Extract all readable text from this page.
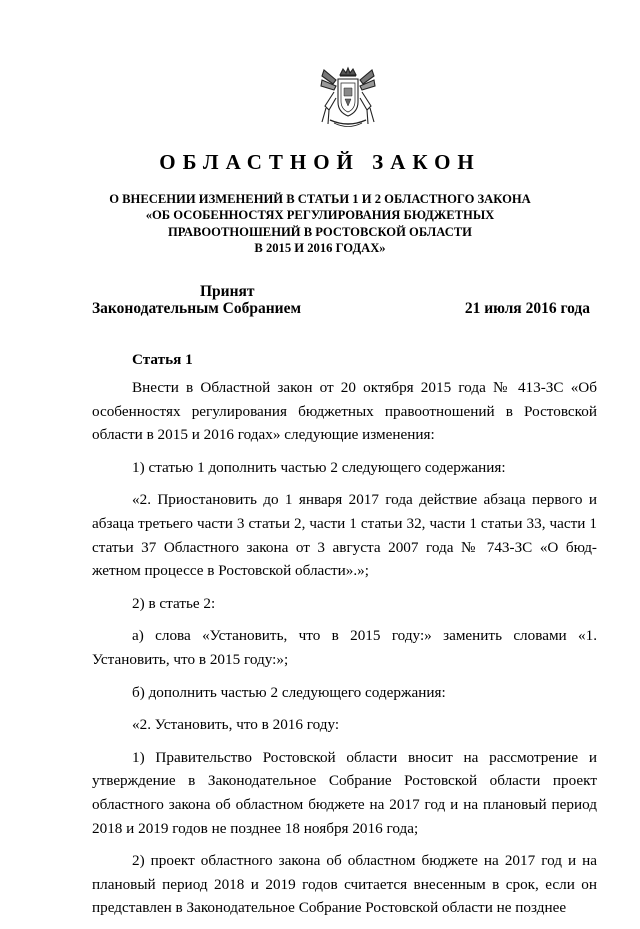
ОБЛАСТНОЙ ЗАКОН
О ВНЕСЕНИИ ИЗМЕНЕНИЙ В СТАТЬИ 1 И 2 ОБЛАСТНОГО ЗАКОНА
«ОБ ОСОБЕННОСТЯХ РЕГУЛИРОВАНИЯ БЮДЖЕТНЫХ
ПРАВООТНОШЕНИЙ В РОСТОВСКОЙ ОБЛАСТИ
В 2015 И 2016 ГОДАХ»
Принят
Законодательным Собранием	21 июля 2016 года
Статья 1

Внести в Областной закон от 20 октября 2015 года № 413-ЗС «Об особенностях регулирования бюджетных правоотношений в Ростовской области в 2015 и 2016 годах» следующие изменения:

1) статью 1 дополнить частью 2 следующего содержания:

«2. Приостановить до 1 января 2017 года действие абзаца первого и абзаца третьего части 3 статьи 2, части 1 статьи 32, части 1 статьи 33, части 1 статьи 37 Областного закона от 3 августа 2007 года № 743-ЗС «О бюд-жетном процессе в Ростовской области».»;

2) в статье 2:

а) слова «Установить, что в 2015 году:» заменить словами «1. Установить, что в 2015 году:»;

б) дополнить частью 2 следующего содержания:

«2. Установить, что в 2016 году:

1) Правительство Ростовской области вносит на рассмотрение и утверждение в Законодательное Собрание Ростовской области проект областного закона об областном бюджете на 2017 год и на плановый период 2018 и 2019 годов не позднее 18 ноября 2016 года;

2) проект областного закона об областном бюджете на 2017 год и на плановый период 2018 и 2019 годов считается внесенным в срок, если он представлен в Законодательное Собрание Ростовской области не позднее
